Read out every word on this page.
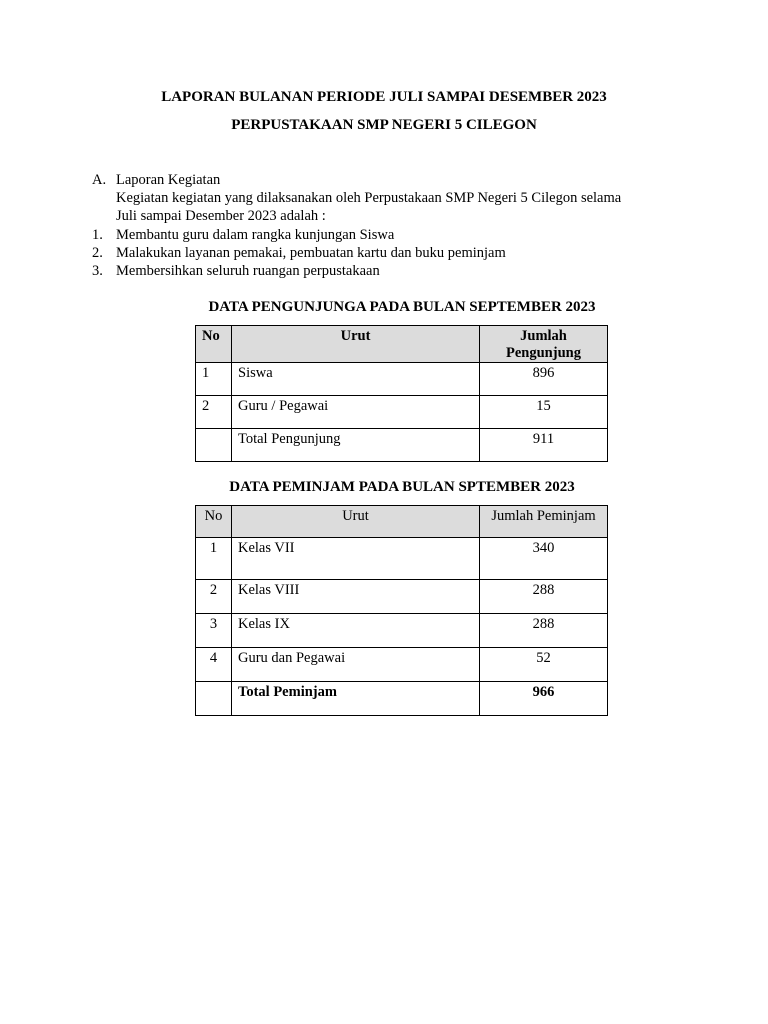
LAPORAN BULANAN PERIODE JULI SAMPAI DESEMBER 2023
PERPUSTAKAAN SMP NEGERI 5 CILEGON
A. Laporan Kegiatan
Kegiatan kegiatan yang dilaksanakan oleh Perpustakaan SMP Negeri 5 Cilegon selama
Juli sampai Desember 2023 adalah :
1. Membantu guru dalam rangka kunjungan Siswa
2. Malakukan layanan pemakai, pembuatan kartu dan buku peminjam
3. Membersihkan seluruh ruangan perpustakaan
DATA PENGUNJUNGA PADA BULAN SEPTEMBER 2023
No	Urut	Jumlah
Pengunjung
1	Siswa	896
2	Guru / Pegawai	15
	Total Pengunjung	911
DATA PEMINJAM PADA BULAN SPTEMBER 2023
No	Urut	Jumlah Peminjam
1	Kelas VII	340
2	Kelas VIII	288
3	Kelas IX	288
4	Guru dan Pegawai	52
	Total Peminjam	966
